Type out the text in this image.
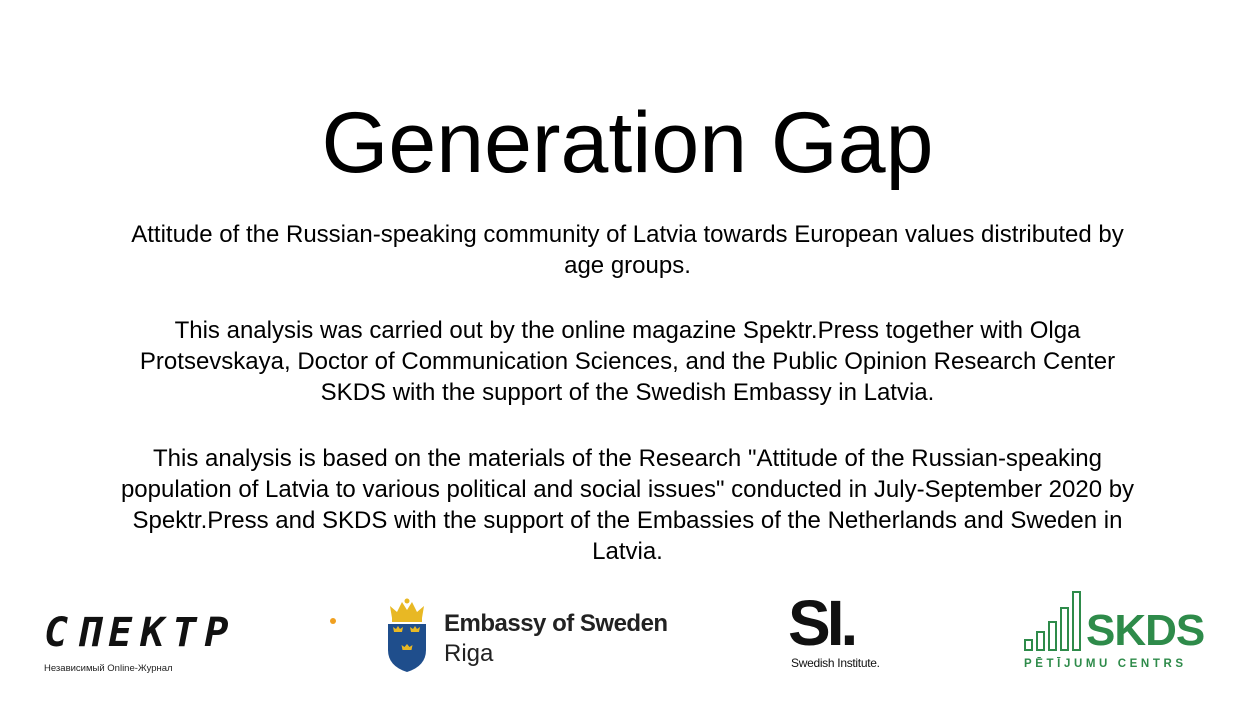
Generation Gap

Attitude of the Russian-speaking community of Latvia towards European values distributed by age groups.

This analysis was carried out by the online magazine Spektr.Press together with Olga Protsevskaya, Doctor of Communication Sciences, and the Public Opinion Research Center SKDS with the support of the Swedish Embassy in Latvia.

This analysis is based on the materials of the Research "Attitude of the Russian-speaking population of Latvia to various political and social issues" conducted in July-September 2020 by Spektr.Press and SKDS with the support of the Embassies of the Netherlands and Sweden in Latvia.

СПЕКТР
Независимый Online-Журнал
Embassy of Sweden
Riga	SI.
Swedish Institute.
SKDS
PĒTĪJUMU CENTRS
